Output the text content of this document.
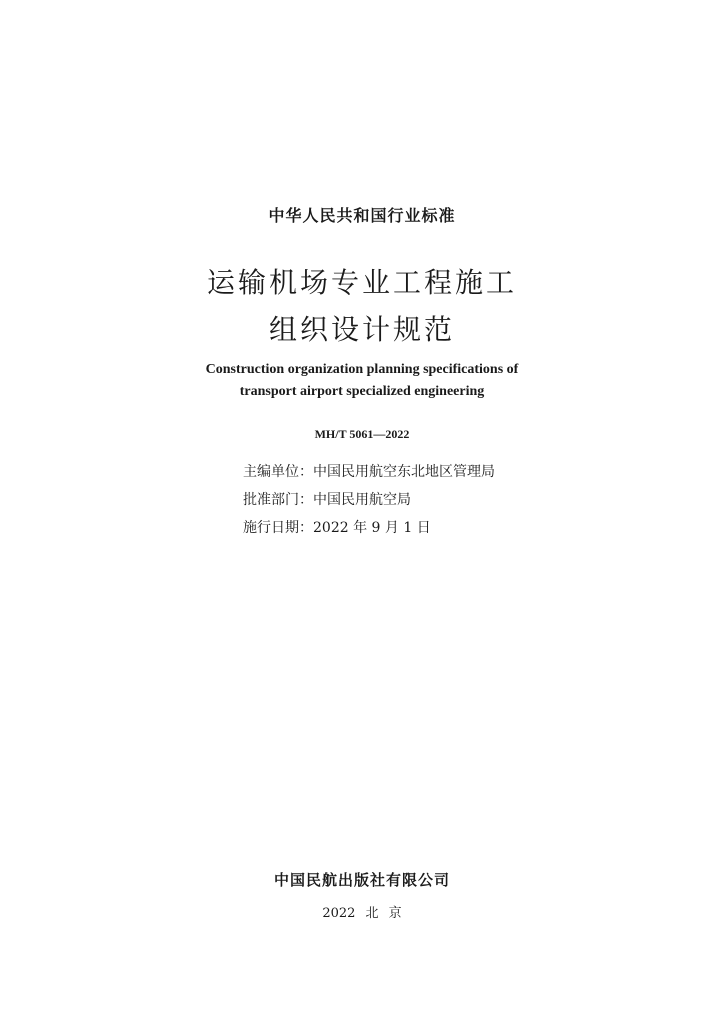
中华人民共和国行业标准
运输机场专业工程施工
组织设计规范
Construction organization planning specifications of
transport airport specialized engineering
MH/T 5061—2022
主编单位：中国民用航空东北地区管理局
批准部门：中国民用航空局
施行日期：2022 年 9 月 1 日
中国民航出版社有限公司
2022 北 京
